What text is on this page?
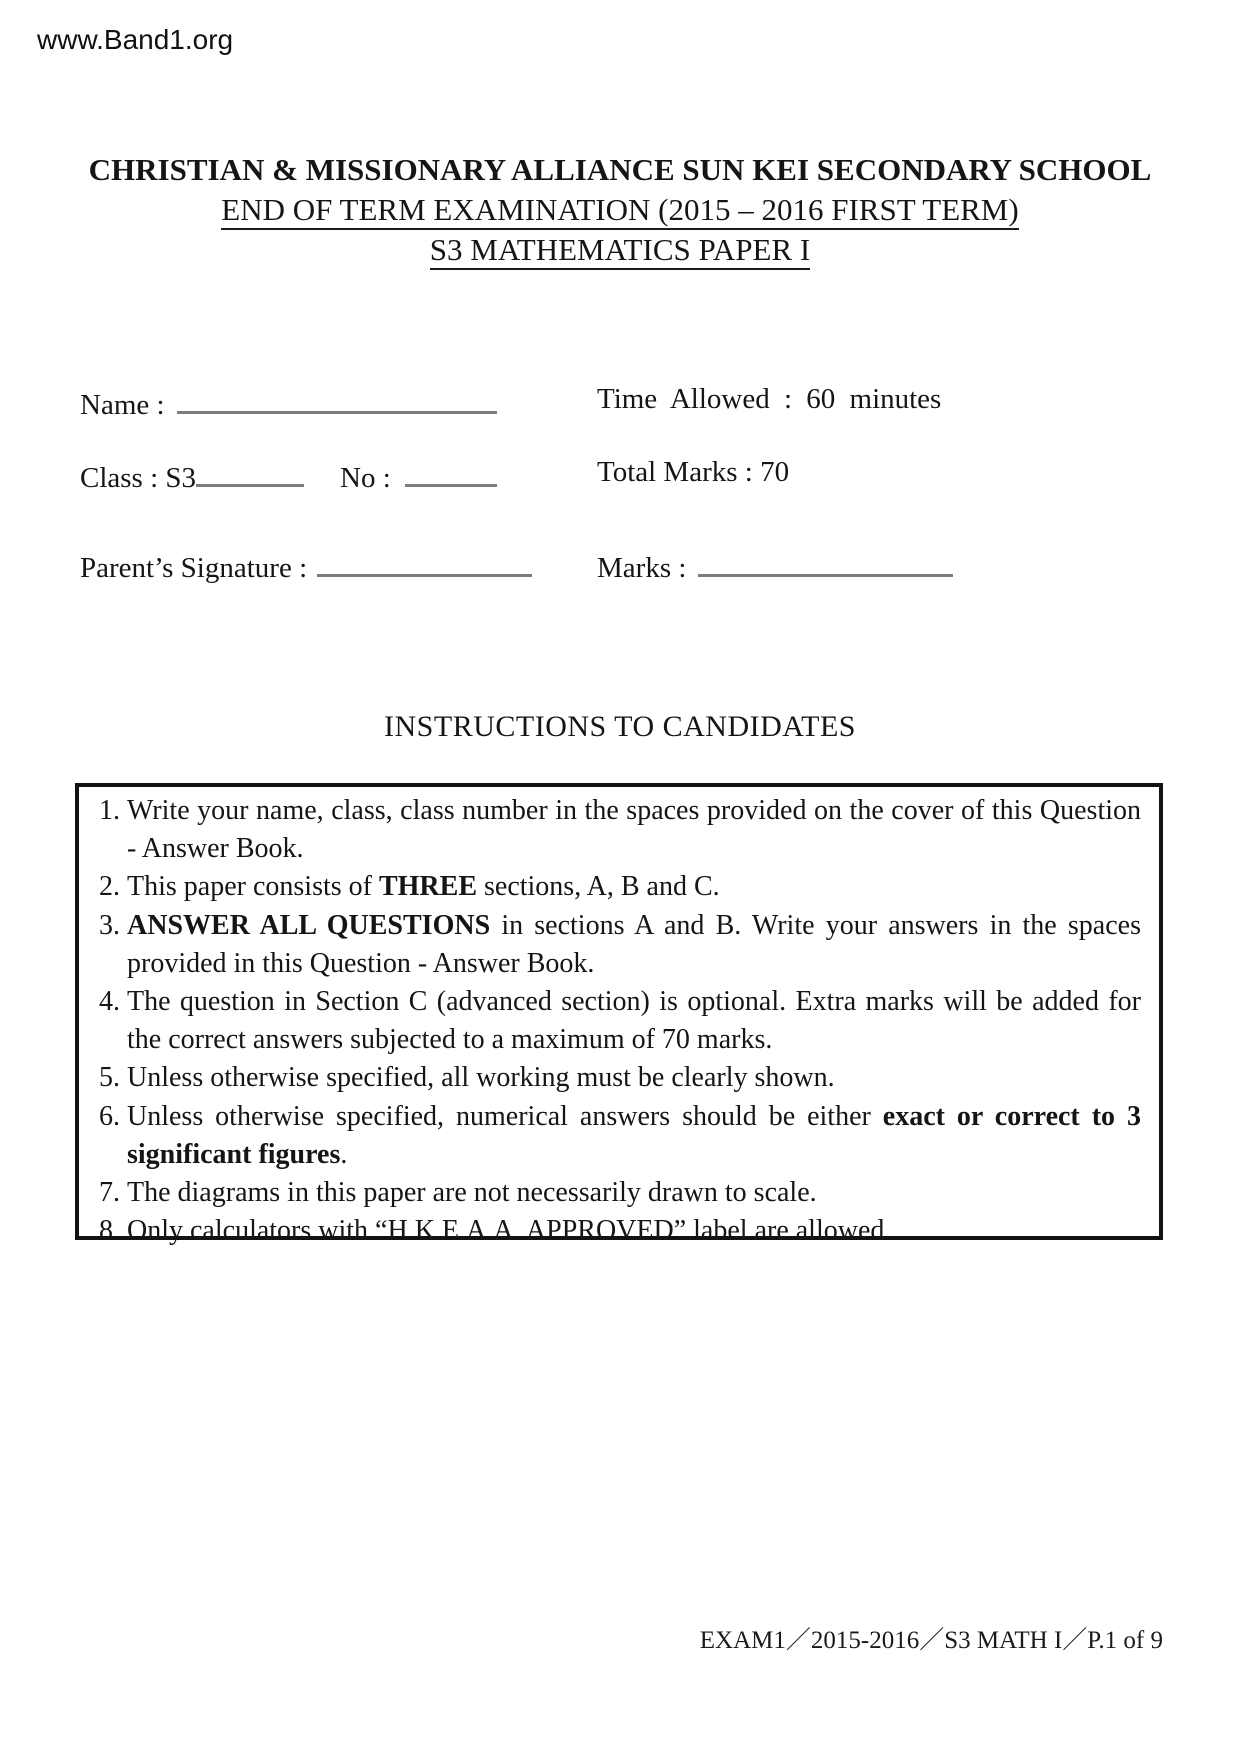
www.Band1.org
CHRISTIAN & MISSIONARY ALLIANCE SUN KEI SECONDARY SCHOOL
END OF TERM EXAMINATION (2015 – 2016 FIRST TERM)
S3 MATHEMATICS PAPER I
Name :	Time Allowed : 60 minutes
Class : S3	No :	Total Marks : 70
Parent’s Signature :	Marks :
INSTRUCTIONS TO CANDIDATES
1. Write your name, class, class number in the spaces provided on the cover of this Question - Answer Book.
2. This paper consists of THREE sections, A, B and C.
3. ANSWER ALL QUESTIONS in sections A and B. Write your answers in the spaces provided in this Question - Answer Book.
4. The question in Section C (advanced section) is optional. Extra marks will be added for the correct answers subjected to a maximum of 70 marks.
5. Unless otherwise specified, all working must be clearly shown.
6. Unless otherwise specified, numerical answers should be either exact or correct to 3 significant figures.
7. The diagrams in this paper are not necessarily drawn to scale.
8. Only calculators with “H.K.E.A.A. APPROVED” label are allowed.
EXAM1／2015-2016／S3 MATH I／P.1 of 9
